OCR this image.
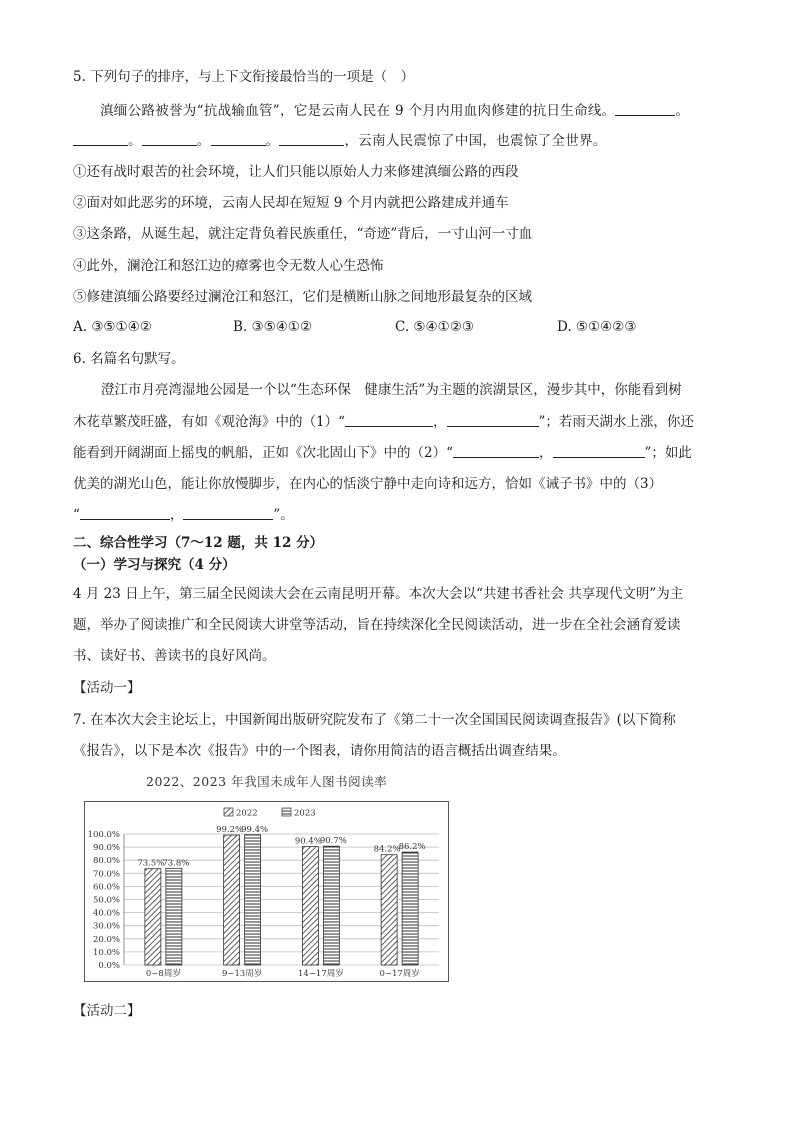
5. 下列句子的排序，与上下文衔接最恰当的一项是（　）
滇缅公路被誉为“抗战输血管”，它是云南人民在 9 个月内用血肉修建的抗日生命线。	。
。	。	。	，云南人民震惊了中国，也震惊了全世界。
①还有战时艰苦的社会环境，让人们只能以原始人力来修建滇缅公路的西段
②面对如此恶劣的环境，云南人民却在短短 9 个月内就把公路建成并通车
③这条路，从诞生起，就注定背负着民族重任，“奇迹”背后，一寸山河一寸血
④此外，澜沧江和怒江边的瘴雾也令无数人心生恐怖
⑤修建滇缅公路要经过澜沧江和怒江，它们是横断山脉之间地形最复杂的区域
A. ③⑤①④②	B. ③⑤④①②	C. ⑤④①②③	D. ⑤①④②③
6. 名篇名句默写。
澄江市月亮湾湿地公园是一个以“生态环保　健康生活”为主题的滨湖景区，漫步其中，你能看到树
木花草繁茂旺盛，有如《观沧海》中的（1）“	，	”；若雨天湖水上涨，你还
能看到开阔湖面上摇曳的帆船，正如《次北固山下》中的（2）“	，	”；如此
优美的湖光山色，能让你放慢脚步，在内心的恬淡宁静中走向诗和远方，恰如《诫子书》中的（3）
“	，	”。
二、综合性学习（7～12 题，共 12 分）
（一）学习与探究（4 分）
4 月 23 日上午，第三届全民阅读大会在云南昆明开幕。本次大会以“共建书香社会 共享现代文明”为主
题，举办了阅读推广和全民阅读大讲堂等活动，旨在持续深化全民阅读活动，进一步在全社会涵育爱读
书、读好书、善读书的良好风尚。
【活动一】
7. 在本次大会主论坛上，中国新闻出版研究院发布了《第二十一次全国国民阅读调查报告》(以下简称
《报告》，以下是本次《报告》中的一个图表，请你用简洁的语言概括出调查结果。
2022、2023 年我国未成年人图书阅读率
0.0%
10.0%
20.0%
30.0%
40.0%
50.0%
60.0%
70.0%
80.0%
90.0%
100.0%
0~8周岁	9~13周岁	14~17周岁	0~17周岁
73.5%
73.8%
99.2%
99.4%
90.4%
90.7%
84.2%
86.2%
2022	2023
【活动二】
